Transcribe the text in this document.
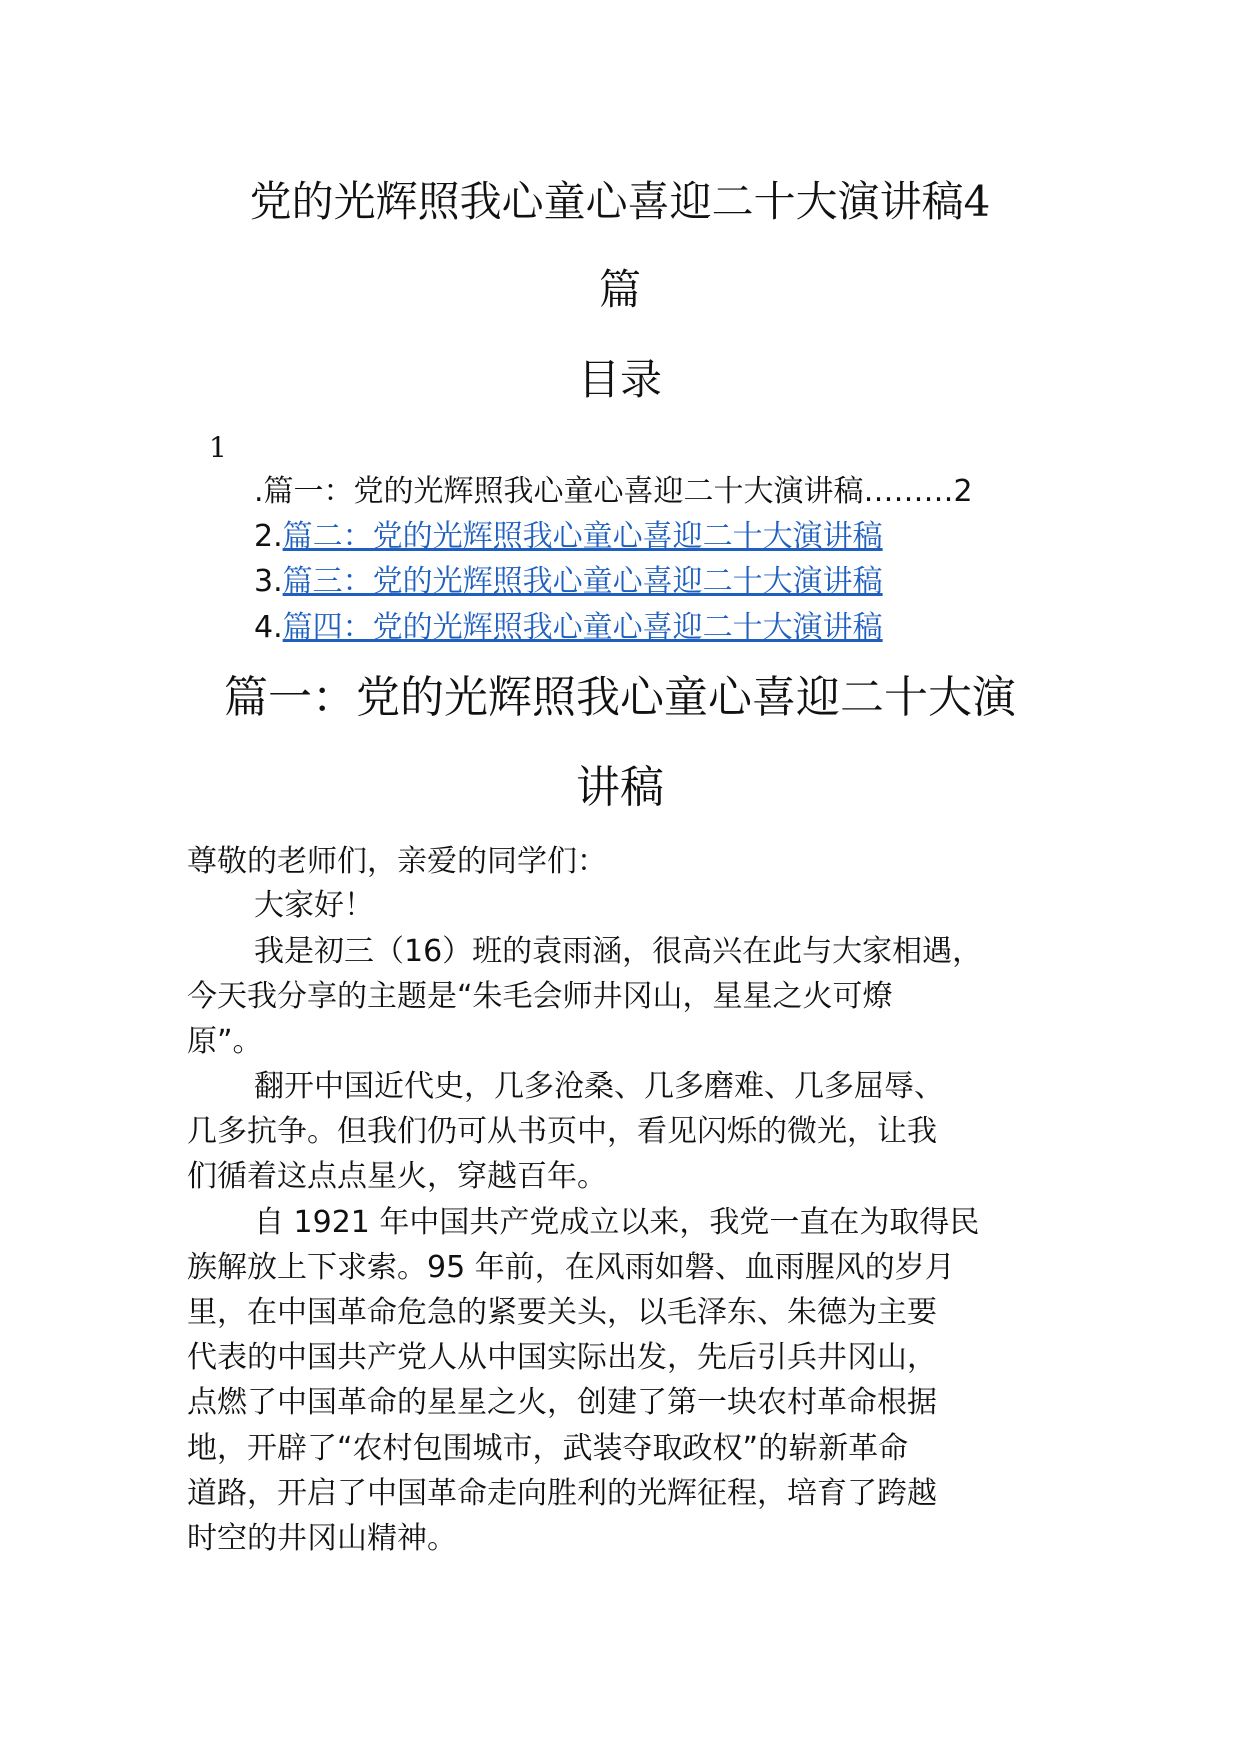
党的光辉照我心童心喜迎二十大演讲稿4
篇
目录
1
.篇一：党的光辉照我心童心喜迎二十大演讲稿………2
2.篇二：党的光辉照我心童心喜迎二十大演讲稿
3.篇三：党的光辉照我心童心喜迎二十大演讲稿
4.篇四：党的光辉照我心童心喜迎二十大演讲稿
篇一：党的光辉照我心童心喜迎二十大演
讲稿
尊敬的老师们，亲爱的同学们：
大家好！
我是初三（16）班的袁雨涵，很高兴在此与大家相遇，
今天我分享的主题是“朱毛会师井冈山，星星之火可燎
原”。
翻开中国近代史，几多沧桑、几多磨难、几多屈辱、
几多抗争。但我们仍可从书页中，看见闪烁的微光，让我
们循着这点点星火，穿越百年。
自 1921 年中国共产党成立以来，我党一直在为取得民
族解放上下求索。95 年前，在风雨如磐、血雨腥风的岁月
里，在中国革命危急的紧要关头，以毛泽东、朱德为主要
代表的中国共产党人从中国实际出发，先后引兵井冈山，
点燃了中国革命的星星之火，创建了第一块农村革命根据
地，开辟了“农村包围城市，武装夺取政权”的崭新革命
道路，开启了中国革命走向胜利的光辉征程，培育了跨越
时空的井冈山精神。
